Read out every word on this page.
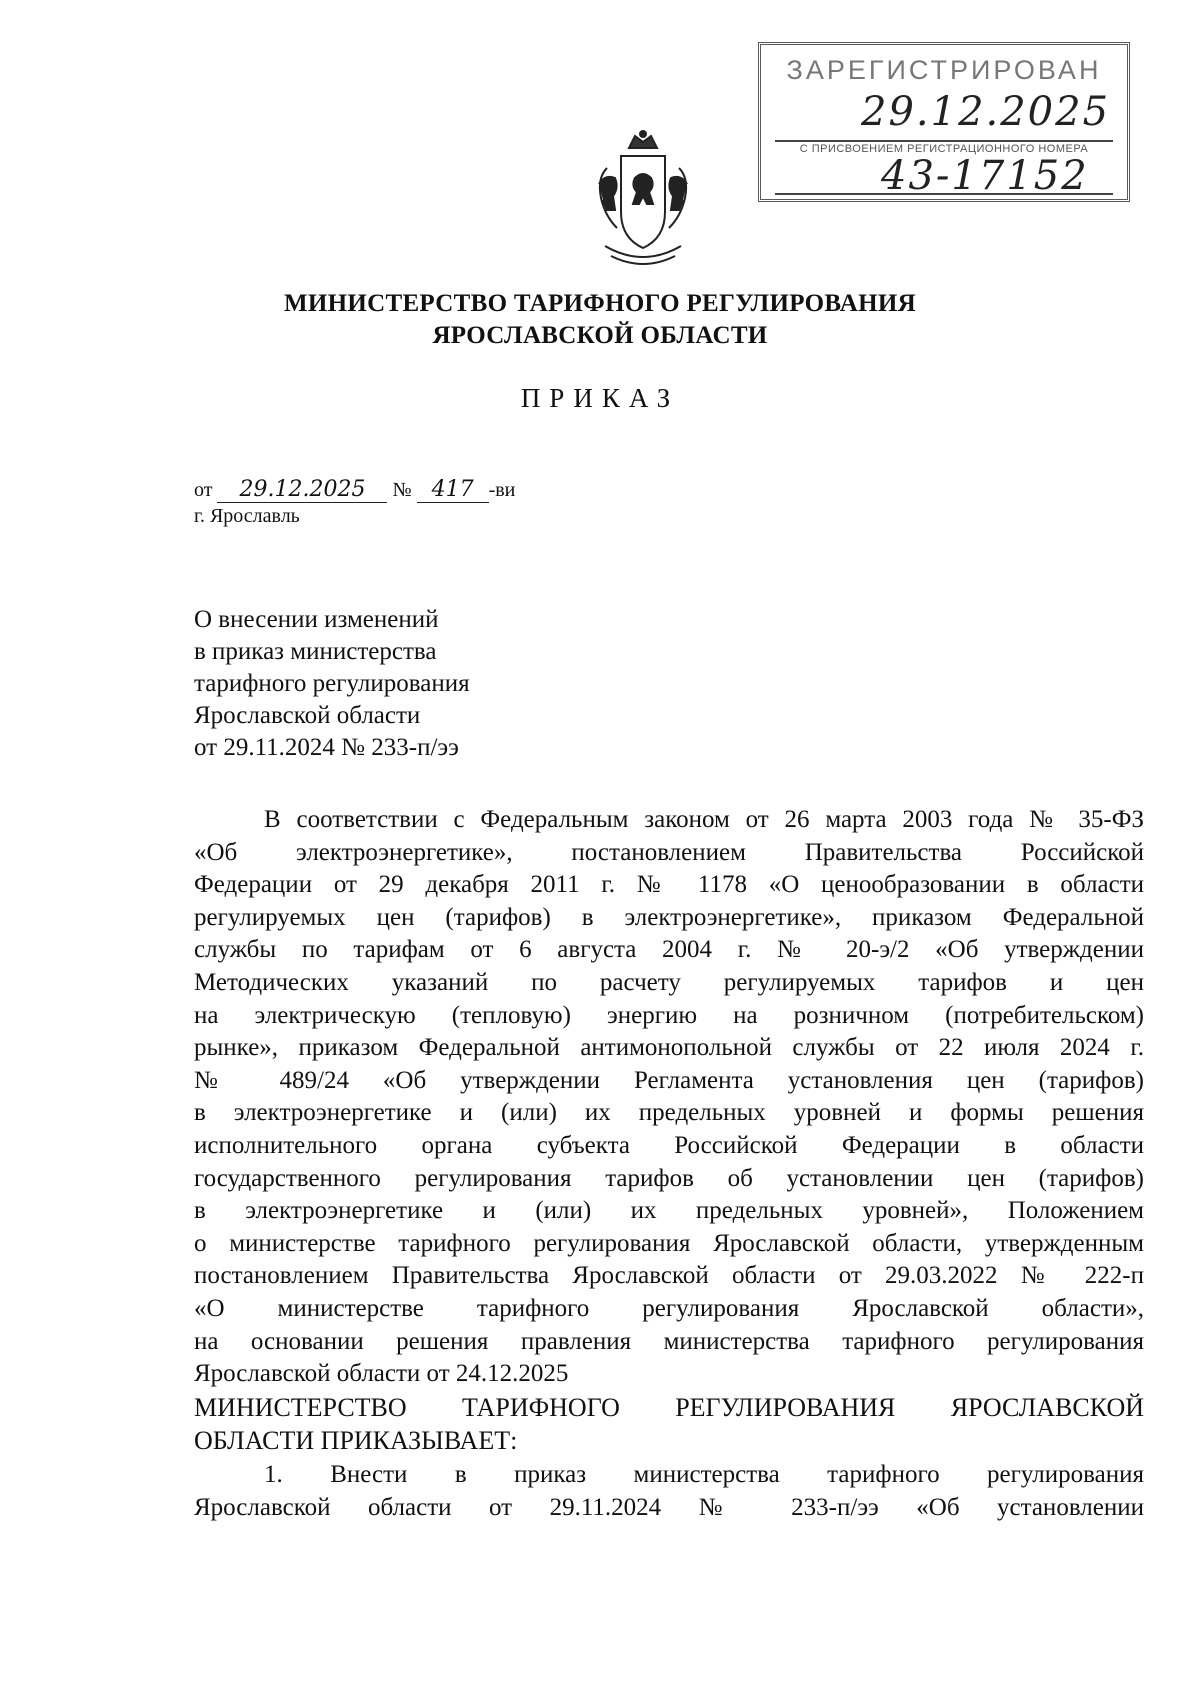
ЗАРЕГИСТРИРОВАН
29.12.2025
С ПРИСВОЕНИЕМ РЕГИСТРАЦИОННОГО НОМЕРА
43-17152
МИНИСТЕРСТВО ТАРИФНОГО РЕГУЛИРОВАНИЯ
ЯРОСЛАВСКОЙ ОБЛАСТИ
ПРИКАЗ
от 29.12.2025 № 417 -ви
г. Ярославль
О внесении изменений
в приказ министерства
тарифного регулирования
Ярославской области
от 29.11.2024 № 233-п/ээ
В соответствии с Федеральным законом от 26 марта 2003 года № 35-ФЗ
«Об электроэнергетике», постановлением Правительства Российской
Федерации от 29 декабря 2011 г. № 1178 «О ценообразовании в области
регулируемых цен (тарифов) в электроэнергетике», приказом Федеральной
службы по тарифам от 6 августа 2004 г. № 20-э/2 «Об утверждении
Методических указаний по расчету регулируемых тарифов и цен
на электрическую (тепловую) энергию на розничном (потребительском)
рынке», приказом Федеральной антимонопольной службы от 22 июля 2024 г.
№ 489/24 «Об утверждении Регламента установления цен (тарифов)
в электроэнергетике и (или) их предельных уровней и формы решения
исполнительного органа субъекта Российской Федерации в области
государственного регулирования тарифов об установлении цен (тарифов)
в электроэнергетике и (или) их предельных уровней», Положением
о министерстве тарифного регулирования Ярославской области, утвержденным
постановлением Правительства Ярославской области от 29.03.2022 № 222-п
«О министерстве тарифного регулирования Ярославской области»,
на основании решения правления министерства тарифного регулирования
Ярославской области от 24.12.2025
МИНИСТЕРСТВО ТАРИФНОГО РЕГУЛИРОВАНИЯ ЯРОСЛАВСКОЙ
ОБЛАСТИ ПРИКАЗЫВАЕТ:
1. Внести в приказ министерства тарифного регулирования
Ярославской области от 29.11.2024 № 233-п/ээ «Об установлении
